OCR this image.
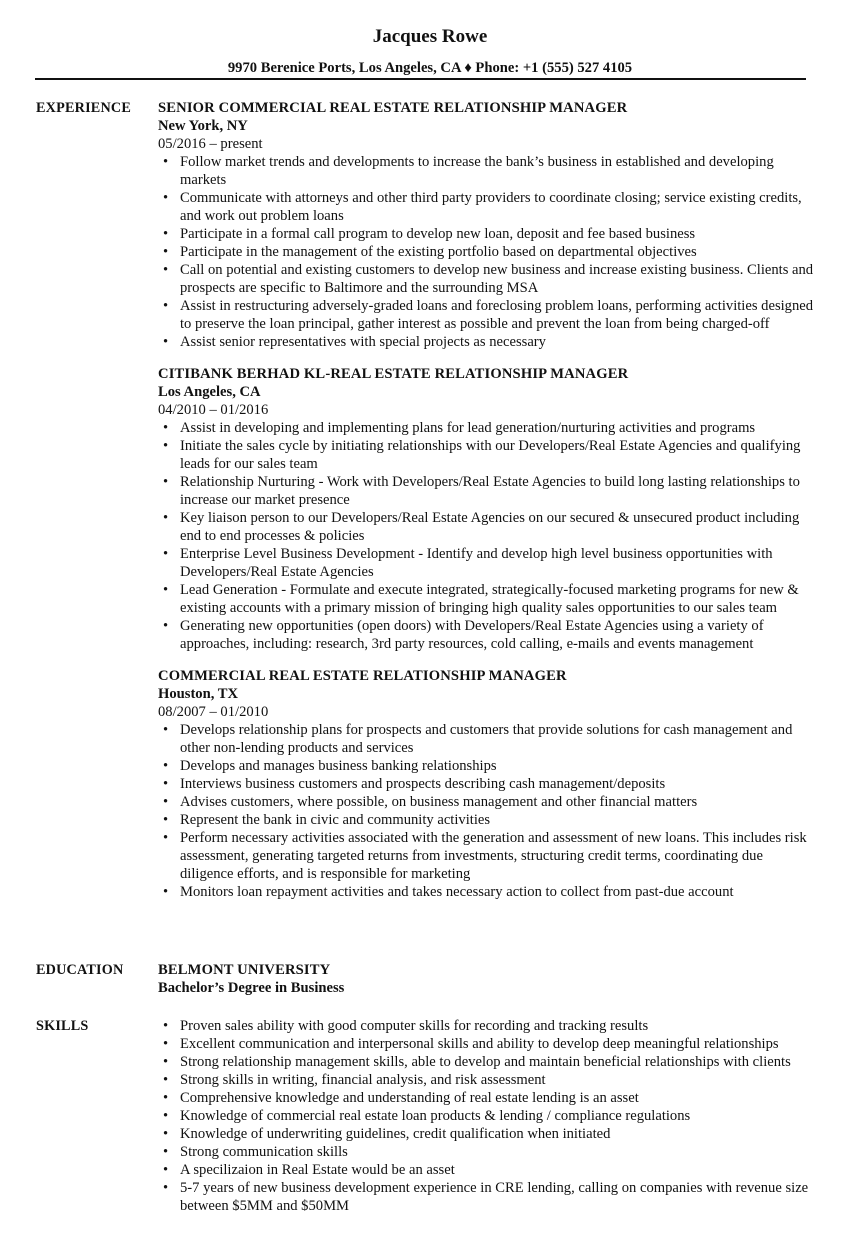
Jacques Rowe
9970 Berenice Ports, Los Angeles, CA ♦ Phone: +1 (555) 527 4105
EXPERIENCE SENIOR COMMERCIAL REAL ESTATE RELATIONSHIP MANAGER
New York, NY
05/2016 – present
• Follow market trends and developments to increase the bank’s business in established and developing markets
• Communicate with attorneys and other third party providers to coordinate closing; service existing credits, and work out problem loans
• Participate in a formal call program to develop new loan, deposit and fee based business
• Participate in the management of the existing portfolio based on departmental objectives
• Call on potential and existing customers to develop new business and increase existing business. Clients and prospects are specific to Baltimore and the surrounding MSA
• Assist in restructuring adversely-graded loans and foreclosing problem loans, performing activities designed to preserve the loan principal, gather interest as possible and prevent the loan from being charged-off
• Assist senior representatives with special projects as necessary
CITIBANK BERHAD KL-REAL ESTATE RELATIONSHIP MANAGER
Los Angeles, CA
04/2010 – 01/2016
• Assist in developing and implementing plans for lead generation/nurturing activities and programs
• Initiate the sales cycle by initiating relationships with our Developers/Real Estate Agencies and qualifying leads for our sales team
• Relationship Nurturing - Work with Developers/Real Estate Agencies to build long lasting relationships to increase our market presence
• Key liaison person to our Developers/Real Estate Agencies on our secured & unsecured product including end to end processes & policies
• Enterprise Level Business Development - Identify and develop high level business opportunities with Developers/Real Estate Agencies
• Lead Generation - Formulate and execute integrated, strategically-focused marketing programs for new & existing accounts with a primary mission of bringing high quality sales opportunities to our sales team
• Generating new opportunities (open doors) with Developers/Real Estate Agencies using a variety of approaches, including: research, 3rd party resources, cold calling, e-mails and events management
COMMERCIAL REAL ESTATE RELATIONSHIP MANAGER
Houston, TX
08/2007 – 01/2010
• Develops relationship plans for prospects and customers that provide solutions for cash management and other non-lending products and services
• Develops and manages business banking relationships
• Interviews business customers and prospects describing cash management/deposits
• Advises customers, where possible, on business management and other financial matters
• Represent the bank in civic and community activities
• Perform necessary activities associated with the generation and assessment of new loans. This includes risk assessment, generating targeted returns from investments, structuring credit terms, coordinating due diligence efforts, and is responsible for marketing
• Monitors loan repayment activities and takes necessary action to collect from past-due account
EDUCATION BELMONT UNIVERSITY
Bachelor’s Degree in Business
SKILLS	• Proven sales ability with good computer skills for recording and tracking results
• Excellent communication and interpersonal skills and ability to develop deep meaningful relationships
• Strong relationship management skills, able to develop and maintain beneficial relationships with clients
• Strong skills in writing, financial analysis, and risk assessment
• Comprehensive knowledge and understanding of real estate lending is an asset
• Knowledge of commercial real estate loan products & lending / compliance regulations
• Knowledge of underwriting guidelines, credit qualification when initiated
• Strong communication skills
• A specilizaion in Real Estate would be an asset
• 5-7 years of new business development experience in CRE lending, calling on companies with revenue size between $5MM and $50MM
